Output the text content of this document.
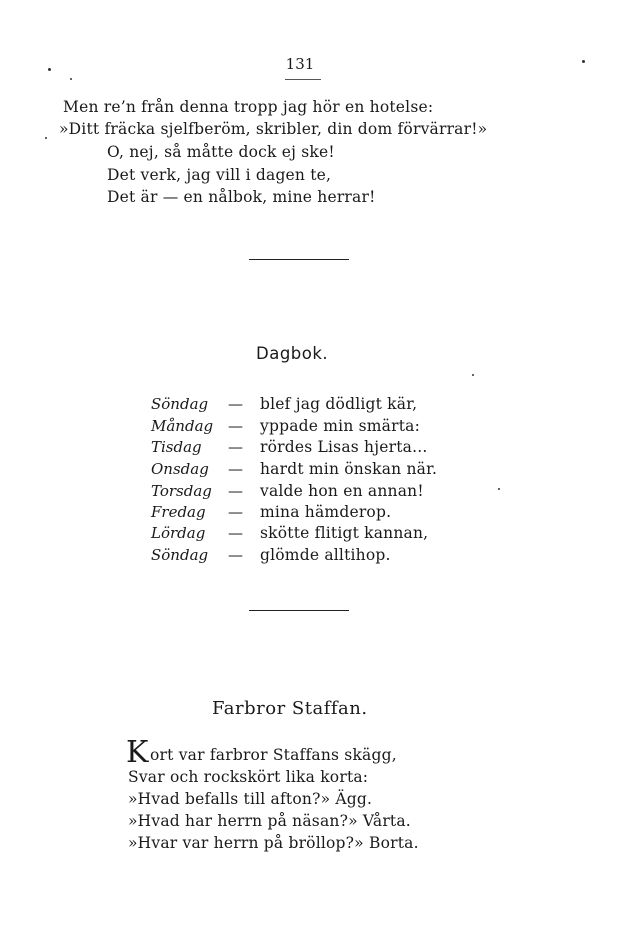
131
Men re’n från denna tropp jag hör en hotelse:
»Ditt fräcka sjelfberöm, skribler, din dom förvärrar!»
O, nej, så måtte dock ej ske!
Det verk, jag vill i dagen te,
Det är — en nålbok, mine herrar!
Dagbok.
Söndag	— blef jag dödligt kär,
Måndag — yppade min smärta:
Tisdag	— rördes Lisas hjerta...
Onsdag	— hardt min önskan när.
Torsdag	— valde hon en annan!
Fredag	— mina hämderop.
Lördag	— skötte flitigt kannan,
Söndag	— glömde alltihop.
Farbror Staffan.
K ort var farbror Staffans skägg,
Svar och rockskört lika korta:
»Hvad befalls till afton?» Ägg.
»Hvad har herrn på näsan?» Vårta.
»Hvar var herrn på bröllop?» Borta.
